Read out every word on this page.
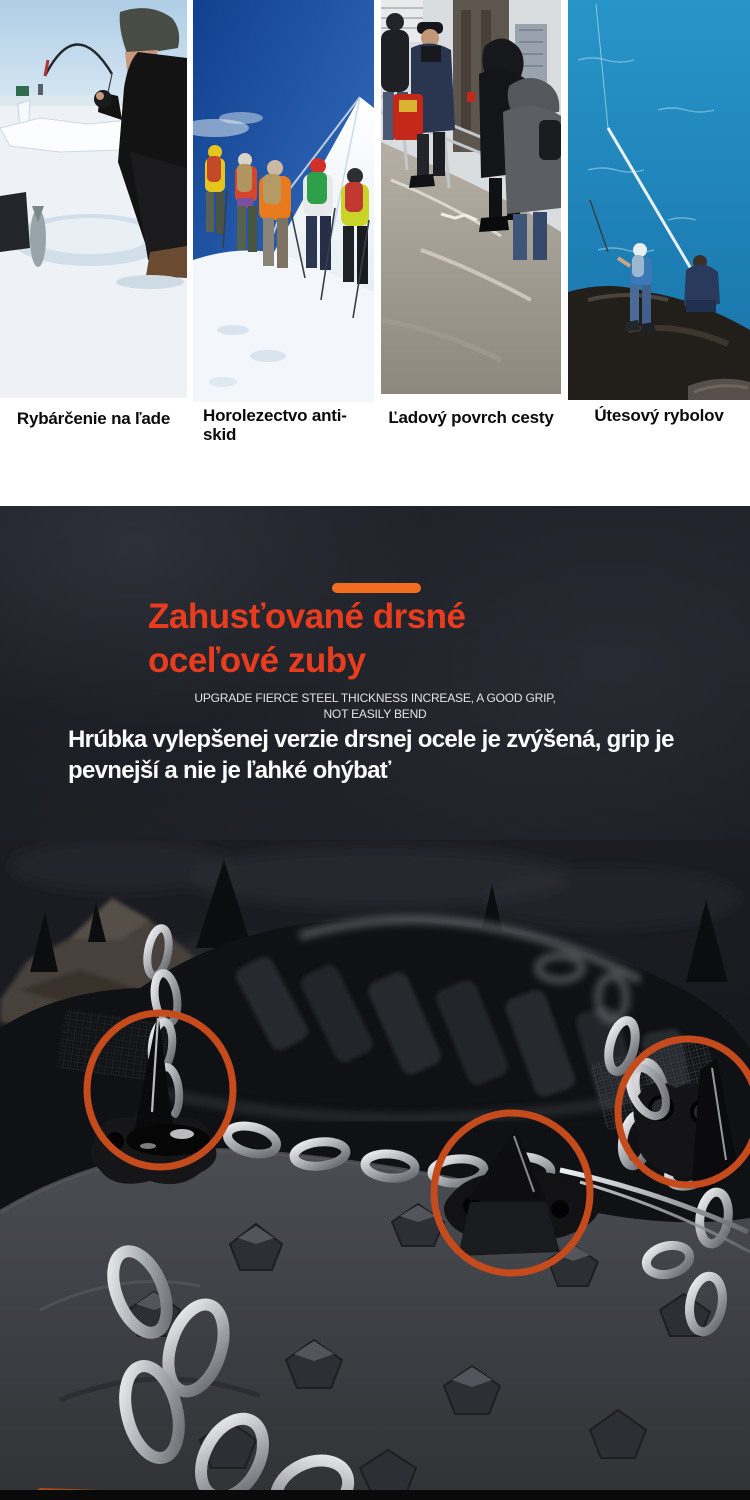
Rybárčenie na ľade	Horolezectvo anti-skid
Ľadový povrch cesty	Útesový rybolov
Zahusťované drsné
oceľové zuby
UPGRADE FIERCE STEEL THICKNESS INCREASE, A GOOD GRIP,
NOT EASILY BEND
Hrúbka vylepšenej verzie drsnej ocele je zvýšená, grip je pevnejší a nie je ľahké ohýbať
